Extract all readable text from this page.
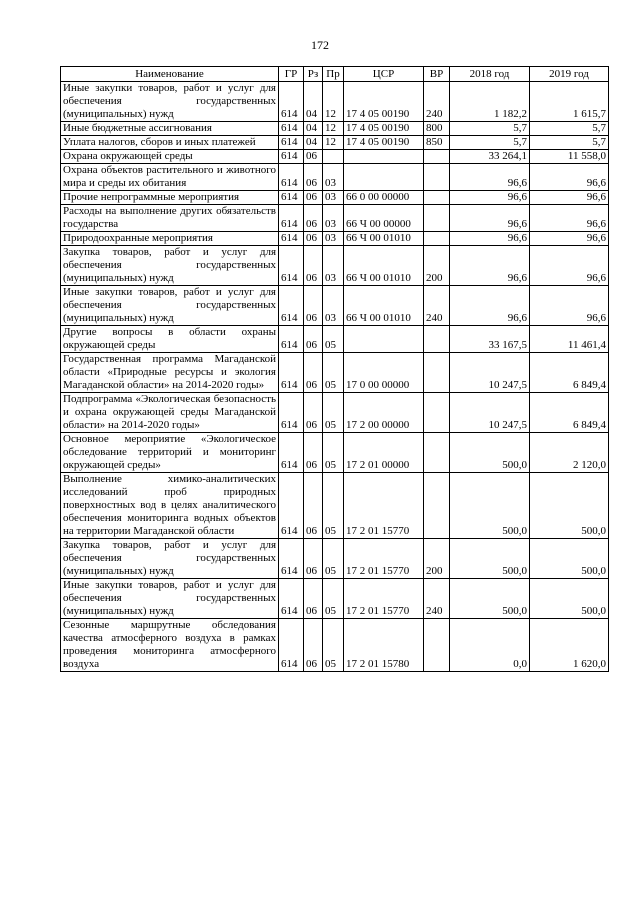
172
Наименование	ГР	Рз	Пр	ЦСР	ВР	2018 год	2019 год
Иные закупки товаров, работ и услуг для обеспечения государственных (муниципальных) нужд	614	04	12	17 4 05 00190	240	1 182,2	1 615,7
Иные бюджетные ассигнования	614	04	12	17 4 05 00190	800	5,7	5,7
Уплата налогов, сборов и иных платежей	614	04	12	17 4 05 00190	850	5,7	5,7
Охрана окружающей среды	614	06				33 264,1	11 558,0
Охрана объектов растительного и животного мира и среды их обитания	614	06	03			96,6	96,6
Прочие непрограммные мероприятия	614	06	03	66 0 00 00000		96,6	96,6
Расходы на выполнение других обязательств государства	614	06	03	66 Ч 00 00000		96,6	96,6
Природоохранные мероприятия	614	06	03	66 Ч 00 01010		96,6	96,6
Закупка товаров, работ и услуг для обеспечения государственных (муниципальных) нужд	614	06	03	66 Ч 00 01010	200	96,6	96,6
Иные закупки товаров, работ и услуг для обеспечения государственных (муниципальных) нужд	614	06	03	66 Ч 00 01010	240	96,6	96,6
Другие вопросы в области охраны окружающей среды	614	06	05			33 167,5	11 461,4
Государственная программа Магаданской области «Природные ресурсы и экология Магаданской области» на 2014-2020 годы»	614	06	05	17 0 00 00000		10 247,5	6 849,4
Подпрограмма «Экологическая безопасность и охрана окружающей среды Магаданской области» на 2014-2020 годы»	614	06	05	17 2 00 00000		10 247,5	6 849,4
Основное мероприятие «Экологическое обследование территорий и мониторинг окружающей среды»	614	06	05	17 2 01 00000		500,0	2 120,0
Выполнение химико-аналитических исследований проб природных поверхностных вод в целях аналитического обеспечения мониторинга водных объектов на территории Магаданской области	614	06	05	17 2 01 15770		500,0	500,0
Закупка товаров, работ и услуг для обеспечения государственных (муниципальных) нужд	614	06	05	17 2 01 15770	200	500,0	500,0
Иные закупки товаров, работ и услуг для обеспечения государственных (муниципальных) нужд	614	06	05	17 2 01 15770	240	500,0	500,0
Сезонные маршрутные обследования качества атмосферного воздуха в рамках проведения мониторинга атмосферного воздуха	614	06	05	17 2 01 15780		0,0	1 620,0
